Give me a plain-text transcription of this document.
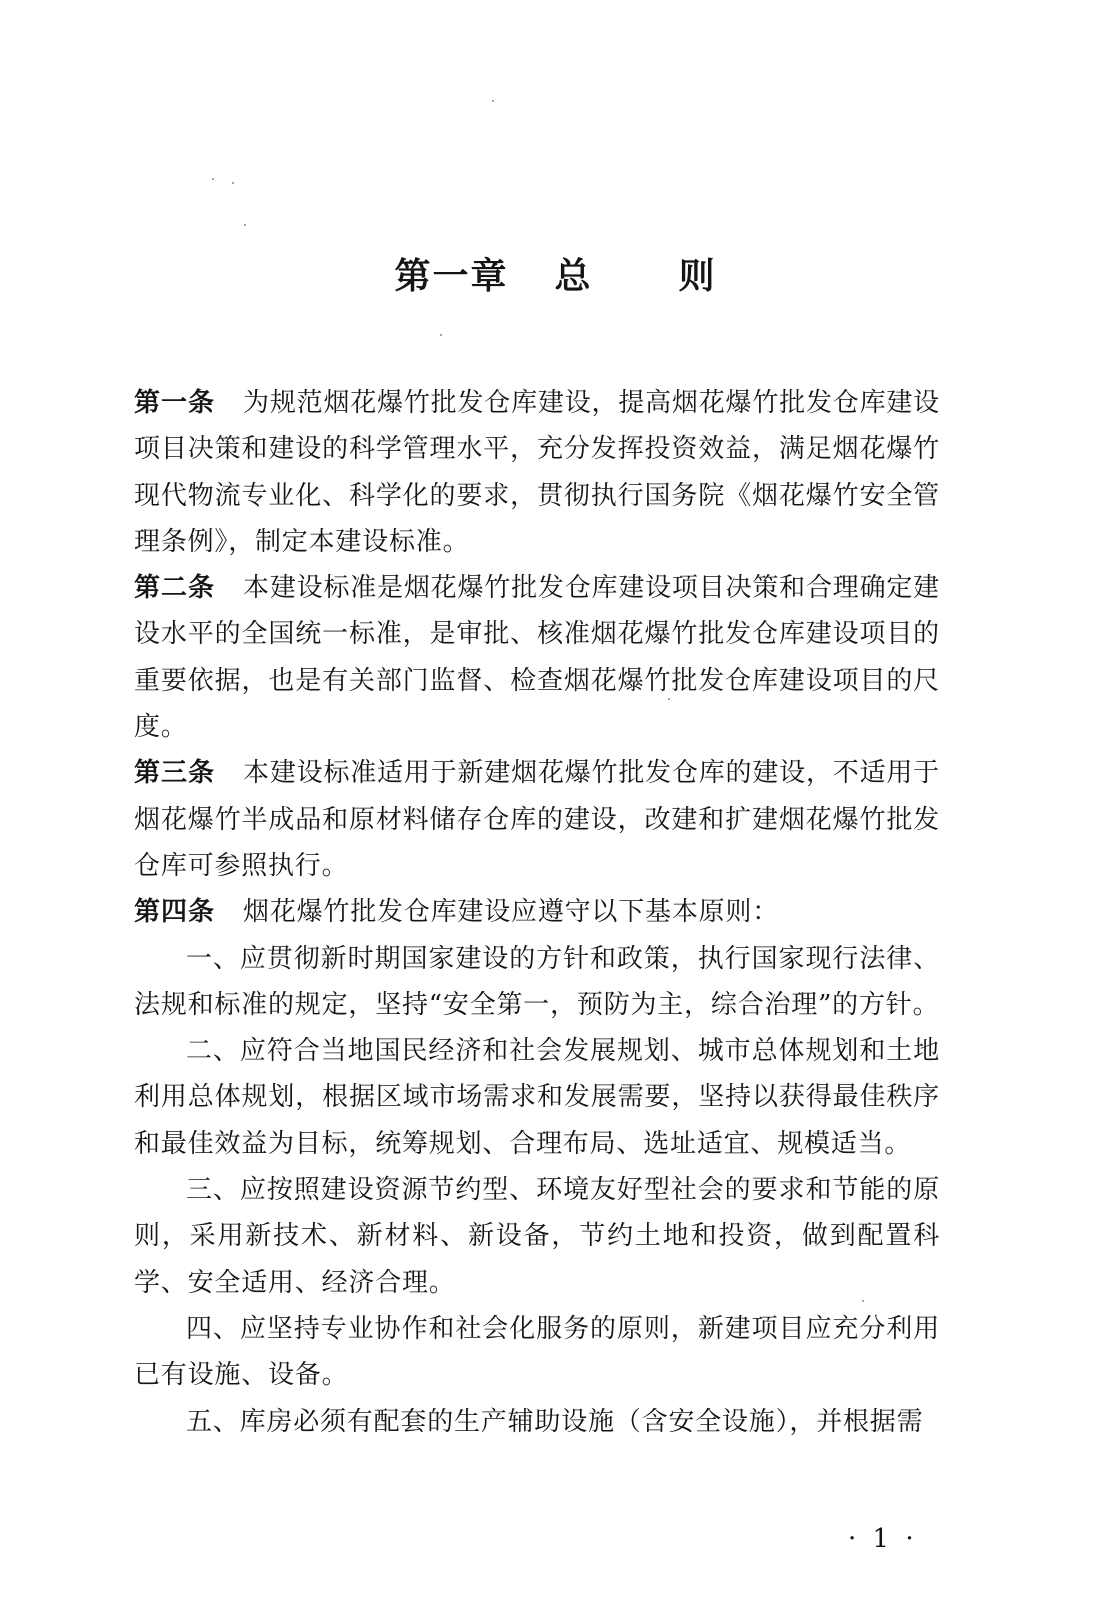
第一章 总 则

第一条 为规范烟花爆竹批发仓库建设，提高烟花爆竹批发仓库建设项目决策和建设的科学管理水平，充分发挥投资效益，满足烟花爆竹现代物流专业化、科学化的要求，贯彻执行国务院《烟花爆竹安全管理条例》，制定本建设标准。

第二条 本建设标准是烟花爆竹批发仓库建设项目决策和合理确定建设水平的全国统一标准，是审批、核准烟花爆竹批发仓库建设项目的重要依据，也是有关部门监督、检查烟花爆竹批发仓库建设项目的尺度。

第三条 本建设标准适用于新建烟花爆竹批发仓库的建设，不适用于烟花爆竹半成品和原材料储存仓库的建设，改建和扩建烟花爆竹批发仓库可参照执行。

第四条 烟花爆竹批发仓库建设应遵守以下基本原则：

一、应贯彻新时期国家建设的方针和政策，执行国家现行法律、法规和标准的规定，坚持“安全第一，预防为主，综合治理”的方针。

二、应符合当地国民经济和社会发展规划、城市总体规划和土地利用总体规划，根据区域市场需求和发展需要，坚持以获得最佳秩序和最佳效益为目标，统筹规划、合理布局、选址适宜、规模适当。

三、应按照建设资源节约型、环境友好型社会的要求和节能的原则，采用新技术、新材料、新设备，节约土地和投资，做到配置科学、安全适用、经济合理。

四、应坚持专业协作和社会化服务的原则，新建项目应充分利用已有设施、设备。

五、库房必须有配套的生产辅助设施（含安全设施），并根据需

· 1 ·
